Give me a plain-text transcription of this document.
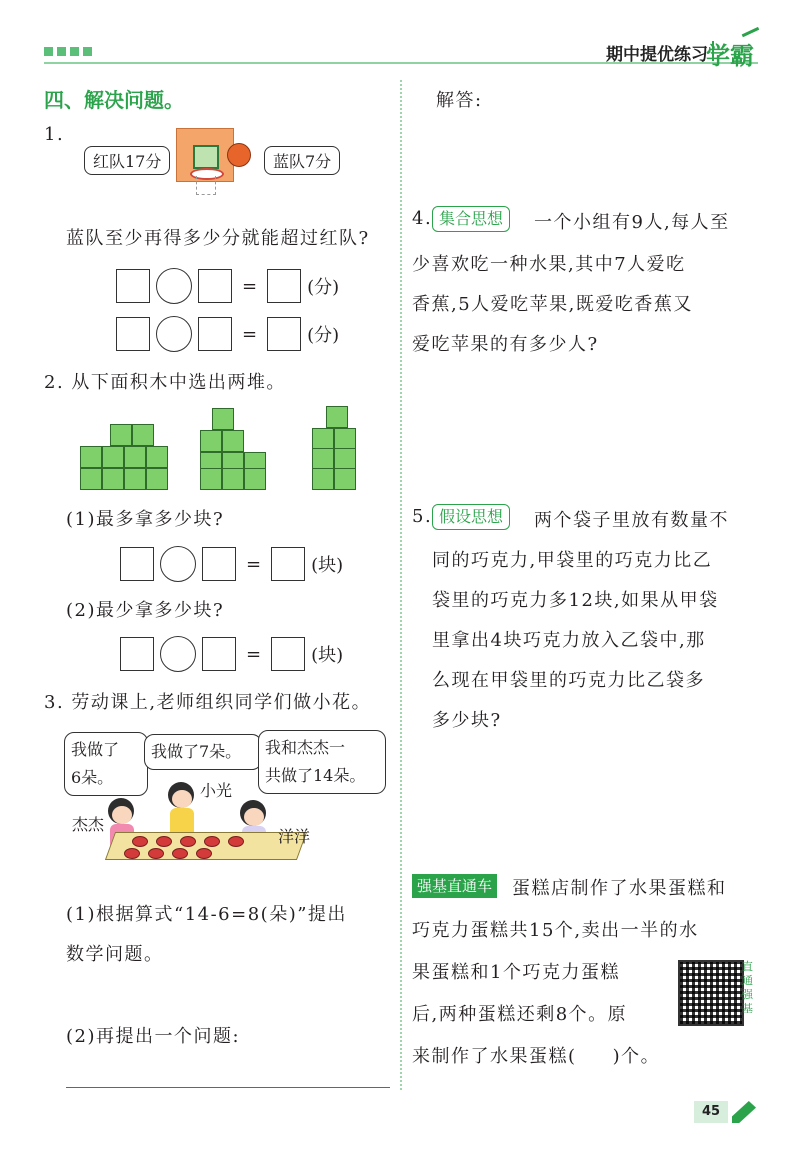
期中提优练习
学霸
四、解决问题。
1.
红队17分	蓝队7分
蓝队至少再得多少分就能超过红队?
=	(分)
=	(分)
2. 从下面积木中选出两堆。
(1)最多拿多少块?
=	(块)
(2)最少拿多少块?
=	(块)
3. 劳动课上,老师组织同学们做小花。
我做了
6朵。
我做了7朵。	我和杰杰一
共做了14朵。
杰杰
小光
洋洋
(1)根据算式“14-6=8(朵)”提出
数学问题。
(2)再提出一个问题:
解答:
4. 集合思想	一个小组有9人,每人至
少喜欢吃一种水果,其中7人爱吃
香蕉,5人爱吃苹果,既爱吃香蕉又
爱吃苹果的有多少人?
5. 假设思想	两个袋子里放有数量不
同的巧克力,甲袋里的巧克力比乙
袋里的巧克力多12块,如果从甲袋
里拿出4块巧克力放入乙袋中,那
么现在甲袋里的巧克力比乙袋多
多少块?
强基直通车 蛋糕店制作了水果蛋糕和
巧克力蛋糕共15个,卖出一半的水
果蛋糕和1个巧克力蛋糕
后,两种蛋糕还剩8个。原
来制作了水果蛋糕(     )个。
直通强基
45
